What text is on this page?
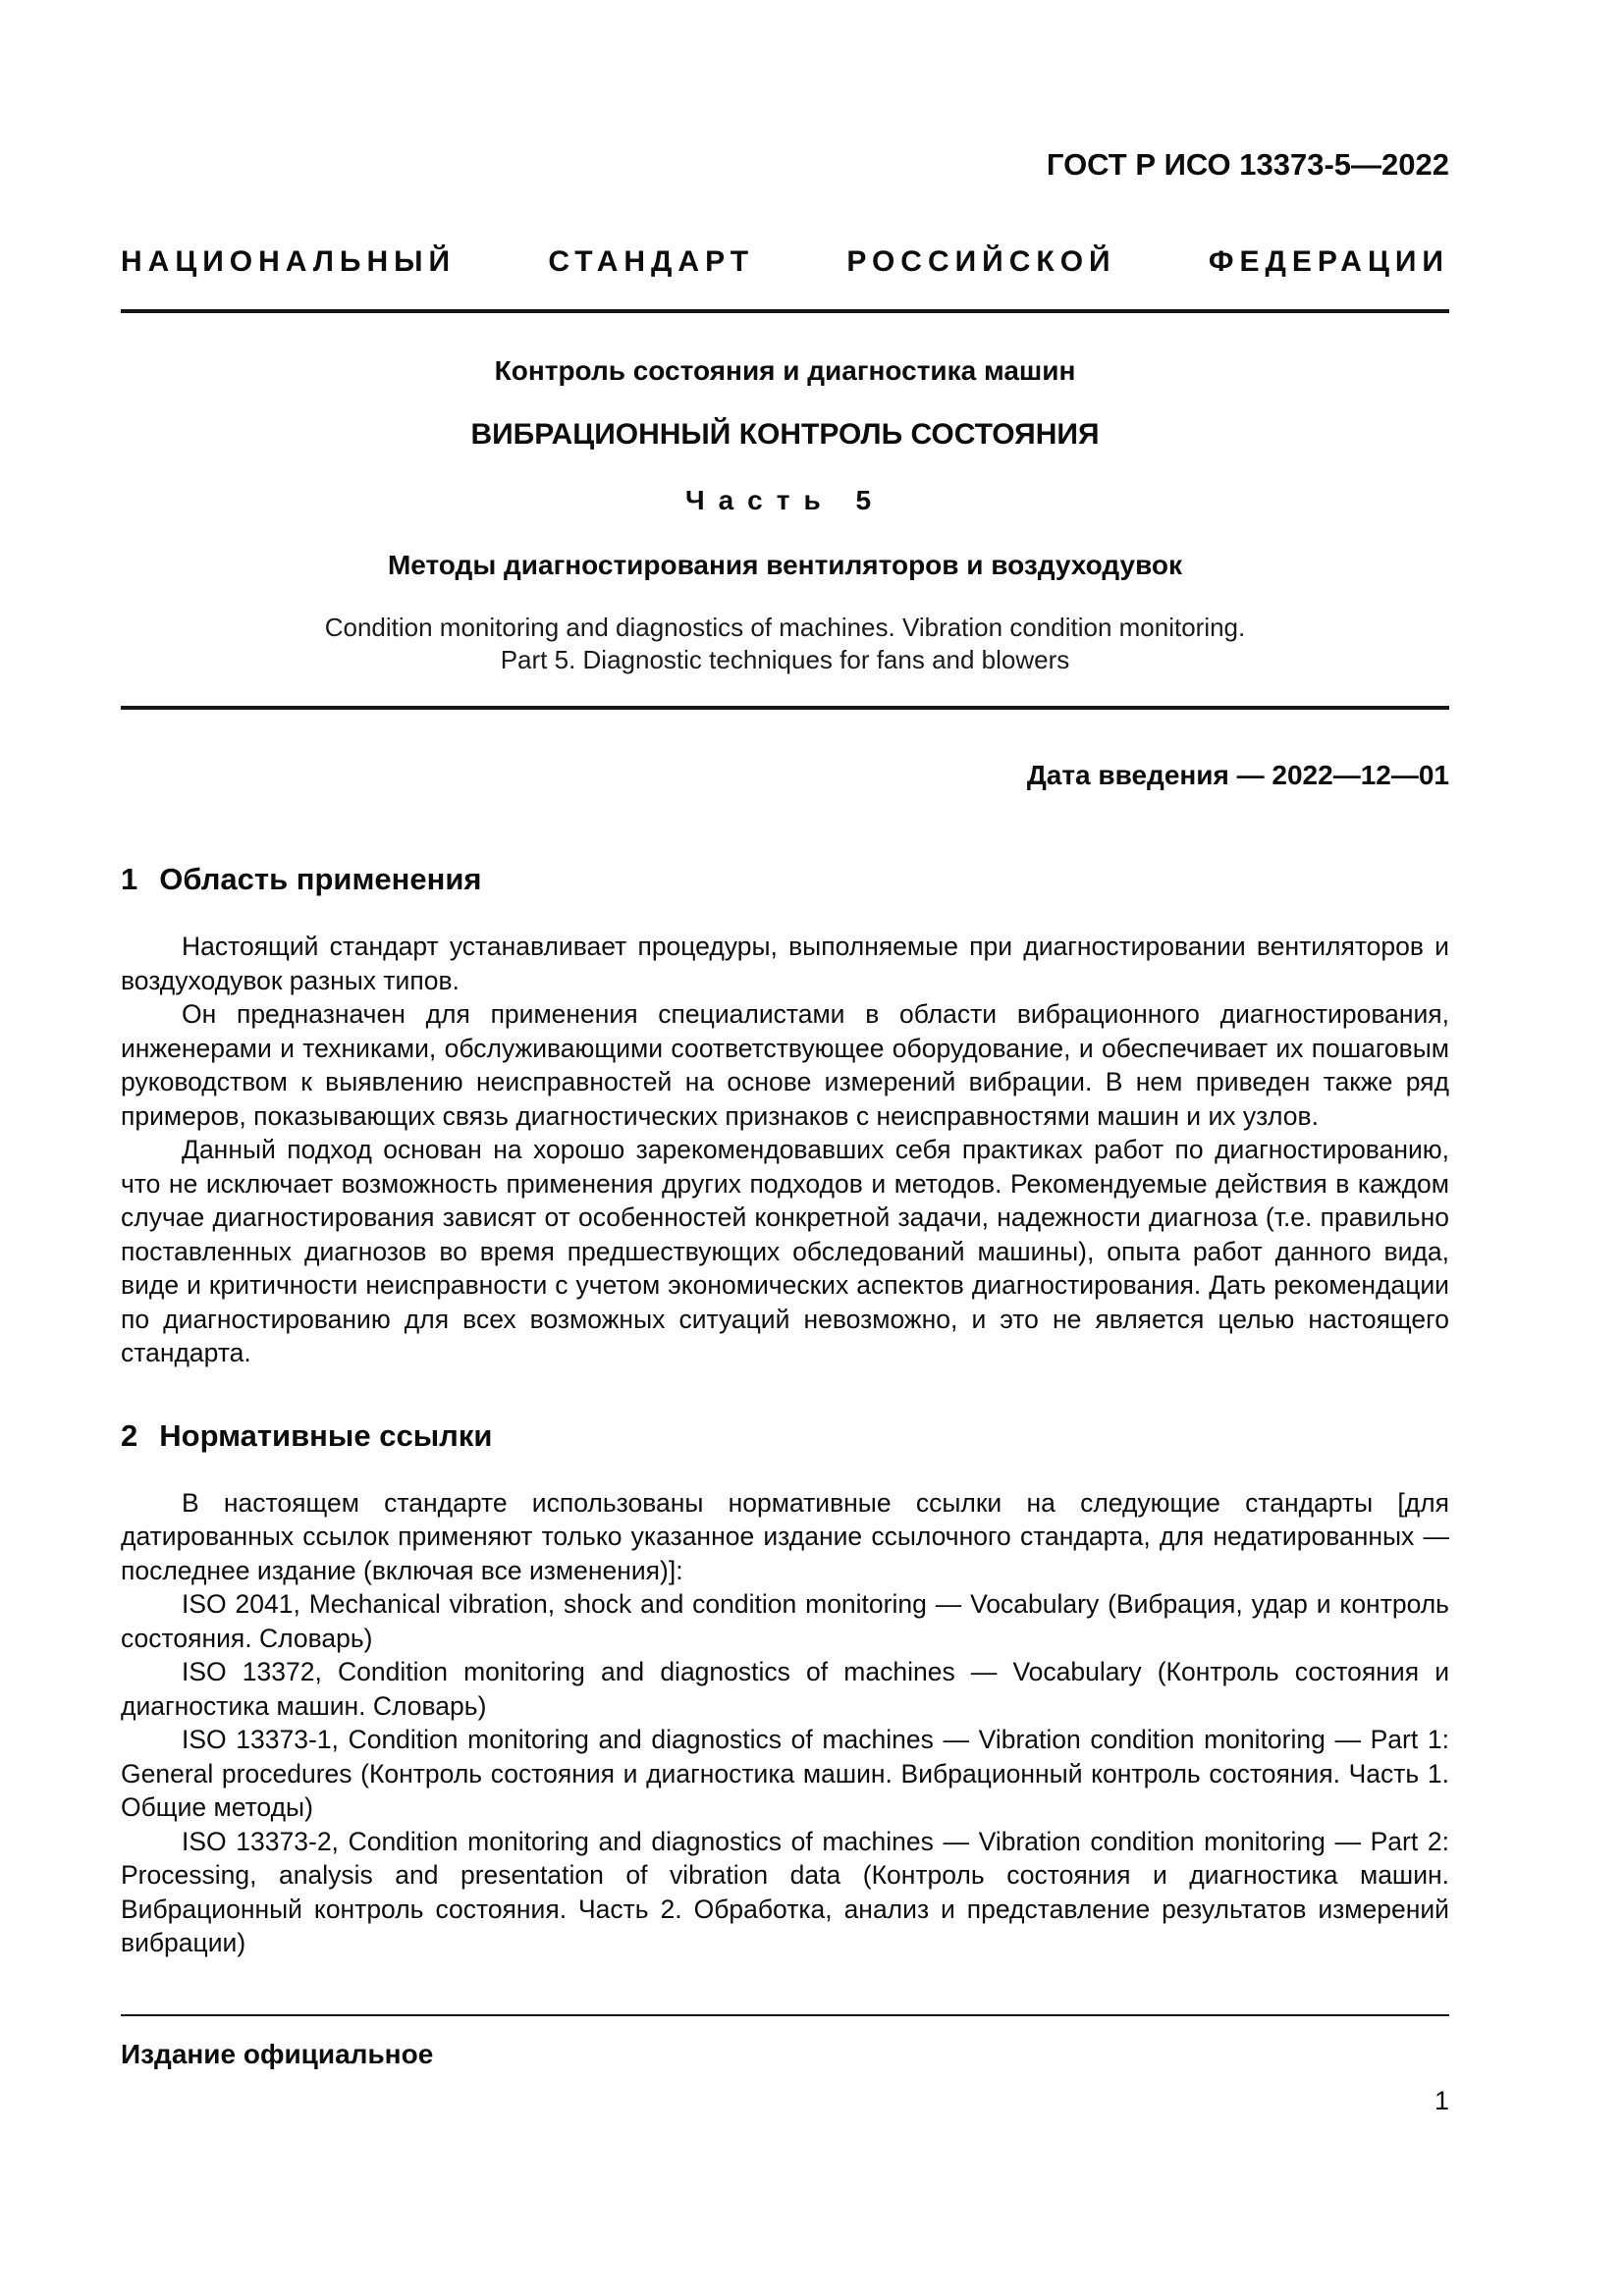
ГОСТ Р ИСО 13373-5—2022
НАЦИОНАЛЬНЫЙ СТАНДАРТ РОССИЙСКОЙ ФЕДЕРАЦИИ
Контроль состояния и диагностика машин
ВИБРАЦИОННЫЙ КОНТРОЛЬ СОСТОЯНИЯ
Часть 5
Методы диагностирования вентиляторов и воздуходувок
Condition monitoring and diagnostics of machines. Vibration condition monitoring.
Part 5. Diagnostic techniques for fans and blowers
Дата введения — 2022—12—01
1 Область применения

Настоящий стандарт устанавливает процедуры, выполняемые при диагностировании вентиляторов и воздуходувок разных типов.

Он предназначен для применения специалистами в области вибрационного диагностирования, инженерами и техниками, обслуживающими соответствующее оборудование, и обеспечивает их пошаговым руководством к выявлению неисправностей на основе измерений вибрации. В нем приведен также ряд примеров, показывающих связь диагностических признаков с неисправностями машин и их узлов.

Данный подход основан на хорошо зарекомендовавших себя практиках работ по диагностированию, что не исключает возможность применения других подходов и методов. Рекомендуемые действия в каждом случае диагностирования зависят от особенностей конкретной задачи, надежности диагноза (т.е. правильно поставленных диагнозов во время предшествующих обследований машины), опыта работ данного вида, виде и критичности неисправности с учетом экономических аспектов диагностирования. Дать рекомендации по диагностированию для всех возможных ситуаций невозможно, и это не является целью настоящего стандарта.

2 Нормативные ссылки

В настоящем стандарте использованы нормативные ссылки на следующие стандарты [для датированных ссылок применяют только указанное издание ссылочного стандарта, для недатированных — последнее издание (включая все изменения)]:

ISO 2041, Mechanical vibration, shock and condition monitoring — Vocabulary (Вибрация, удар и контроль состояния. Словарь)

ISO 13372, Condition monitoring and diagnostics of machines — Vocabulary (Контроль состояния и диагностика машин. Словарь)

ISO 13373-1, Condition monitoring and diagnostics of machines — Vibration condition monitoring — Part 1: General procedures (Контроль состояния и диагностика машин. Вибрационный контроль состояния. Часть 1. Общие методы)

ISO 13373-2, Condition monitoring and diagnostics of machines — Vibration condition monitoring — Part 2: Processing, analysis and presentation of vibration data (Контроль состояния и диагностика машин. Вибрационный контроль состояния. Часть 2. Обработка, анализ и представление результатов измерений вибрации)

Издание официальное
1
